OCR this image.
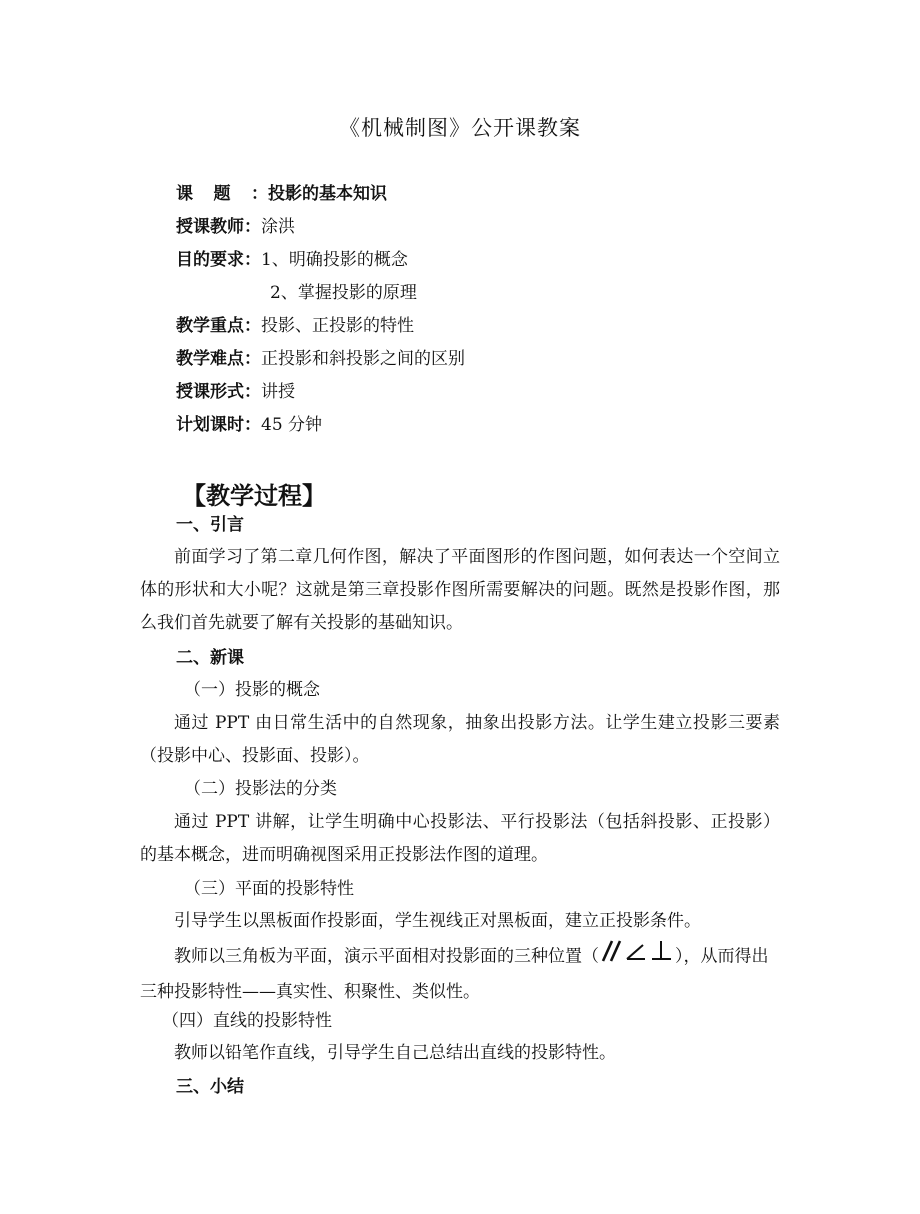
《机械制图》公开课教案
课题：投影的基本知识
授课教师：涂洪
目的要求：1、明确投影的概念
2、掌握投影的原理
教学重点：投影、正投影的特性
教学难点：正投影和斜投影之间的区别
授课形式：讲授
计划课时：45 分钟
【教学过程】
一、引言
前面学习了第二章几何作图，解决了平面图形的作图问题，如何表达一个空间立体的形状和大小呢？这就是第三章投影作图所需要解决的问题。既然是投影作图，那么我们首先就要了解有关投影的基础知识。
二、新课
（一）投影的概念
通过 PPT 由日常生活中的自然现象，抽象出投影方法。让学生建立投影三要素（投影中心、投影面、投影）。
（二）投影法的分类
通过 PPT 讲解，让学生明确中心投影法、平行投影法（包括斜投影、正投影）的基本概念，进而明确视图采用正投影法作图的道理。
（三）平面的投影特性
引导学生以黑板面作投影面，学生视线正对黑板面，建立正投影条件。
教师以三角板为平面，演示平面相对投影面的三种位置（	），从而得出三种投影特性——真实性、积聚性、类似性。
（四）直线的投影特性
教师以铅笔作直线，引导学生自己总结出直线的投影特性。
三、小结
